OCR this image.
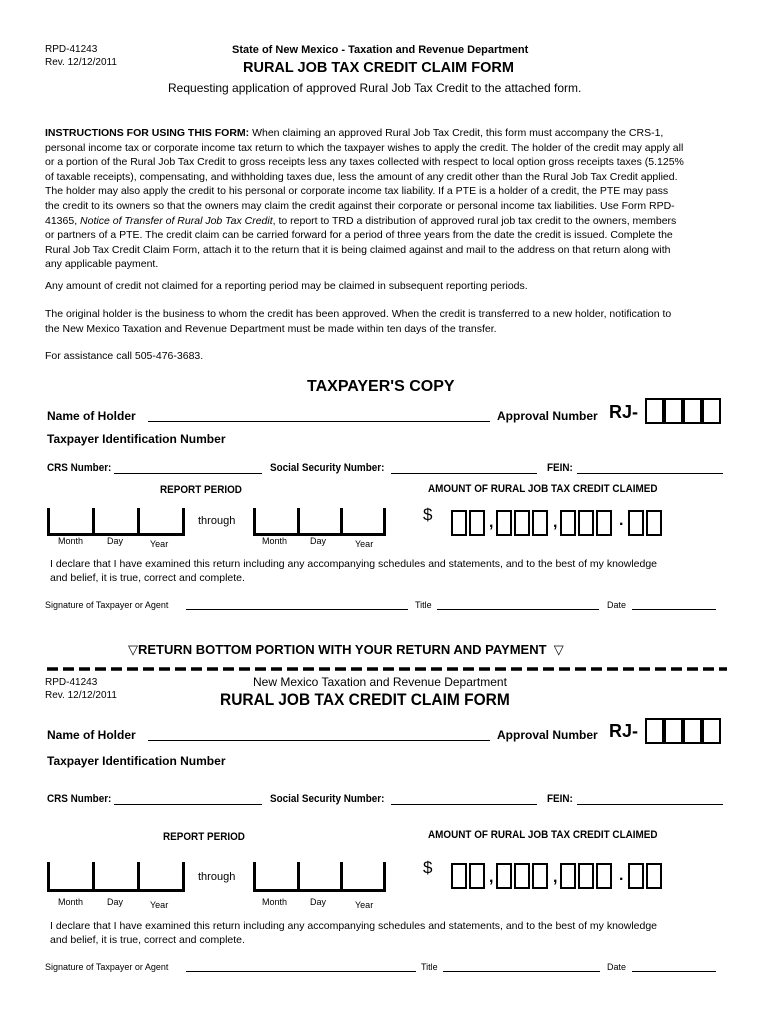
RPD-41243
Rev. 12/12/2011
State of New Mexico - Taxation and Revenue Department
RURAL JOB TAX CREDIT CLAIM FORM
Requesting application of approved Rural Job Tax Credit to the attached form.
INSTRUCTIONS FOR USING THIS FORM: When claiming an approved Rural Job Tax Credit, this form must accompany the CRS-1,
personal income tax or corporate income tax return to which the taxpayer wishes to apply the credit. The holder of the credit may apply all
or a portion of the Rural Job Tax Credit to gross receipts less any taxes collected with respect to local option gross receipts taxes (5.125%
of taxable receipts), compensating, and withholding taxes due, less the amount of any credit other than the Rural Job Tax Credit applied.
The holder may also apply the credit to his personal or corporate income tax liability. If a PTE is a holder of a credit, the PTE may pass
the credit to its owners so that the owners may claim the credit against their corporate or personal income tax liabilities. Use Form RPD-
41365, Notice of Transfer of Rural Job Tax Credit, to report to TRD a distribution of approved rural job tax credit to the owners, members
or partners of a PTE. The credit claim can be carried forward for a period of three years from the date the credit is issued. Complete the
Rural Job Tax Credit Claim Form, attach it to the return that it is being claimed against and mail to the address on that return along with
any applicable payment.
Any amount of credit not claimed for a reporting period may be claimed in subsequent reporting periods.
The original holder is the business to whom the credit has been approved. When the credit is transferred to a new holder, notification to
the New Mexico Taxation and Revenue Department must be made within ten days of the transfer.
For assistance call 505-476-3683.
TAXPAYER'S COPY
Name of Holder	Approval Number RJ-
Taxpayer Identification Number
CRS Number:	Social Security Number:	FEIN:
REPORT PERIOD	AMOUNT OF RURAL JOB TAX CREDIT CLAIMED
through
Month	Day	Year	Month	Day	Year
$	,	,	.
I declare that I have examined this return including any accompanying schedules and statements, and to the best of my knowledge
and belief, it is true, correct and complete.
Signature of Taxpayer or Agent	Title	Date
▽RETURN BOTTOM PORTION WITH YOUR RETURN AND PAYMENT ▽
RPD-41243
Rev. 12/12/2011
New Mexico Taxation and Revenue Department
RURAL JOB TAX CREDIT CLAIM FORM
Name of Holder	Approval Number RJ-
Taxpayer Identification Number
CRS Number:	Social Security Number:	FEIN:
REPORT PERIOD	AMOUNT OF RURAL JOB TAX CREDIT CLAIMED
through
Month	Day	Year	Month	Day	Year
$
,	,	.
I declare that I have examined this return including any accompanying schedules and statements, and to the best of my knowledge
and belief, it is true, correct and complete.
Signature of Taxpayer or Agent	Title	Date
